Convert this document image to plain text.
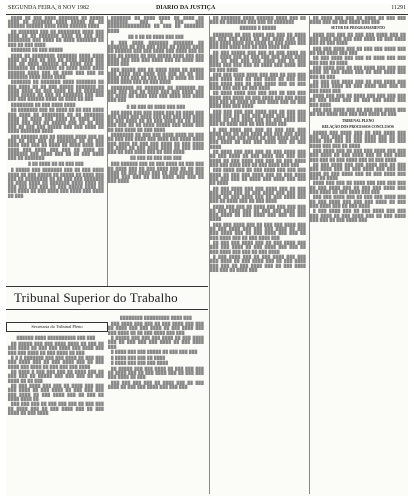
SEGUNDA FEIRA, 8 NOV 1982	DIARIO DA JUSTIÇA	11291

████ ██ ███ ████ ███████ ██ █████ ████ ██ ███████ ████ █████ ██ ██ ██████ ██████ ████ ████ ██████ ████.

██ ███████ ███ ██ ████████ ████ ███ ████ ██ ██ ███████ ████ ██ ███ ███ ████████ ███ ████ ██ ████ ███████ ██ ███ ██ ███ ████.

███████ ██ ███ █████

████ ██ ████████ ███████ ████ ████ ████ ██ ███ ██ ███ ██ ████ █████ ███ ███ ██ ████ ██████ ██ ████ ███ ███ ███████ ██ ███████ ██ ████ ████ ████ ██████ ████ ███ ██ ████ ███ ███ ██ ███████ ████ ████ ████.

███████ ██ ███████ ████ ███████ ██ ███ ████ ██ ██ ███ █████ ███████ ██ ████ ████ ██ ███ ████ ██ ██ ███████ ████ █████ ██ ███ ██ ███████ ███ ███ ███ ███ ██████ ████ ██ ████ ██ ███.

████████ ██ ███ ████ ████

██ ███████ ███ ██ ████ ██ ██ ███ ████ ███ ████ ██ ████████ ██ ██ ███████ ████ ██ ████ ███ ████ ██ ████ ████ ████ ███ ███ ██ █████ ███ ██ ██ ███ ███ ██ ███ ███ █████ ███ ███ ████ ██ ████ ███████ ████.

███ ██████ ███ ██ ██████ ████ ███ ██ ███ ██ ███ ███ ██ ███████ ██ ██ ███ ████ ███ ███ ██ ████ ██ ████ ████ ███ ████ ███ ████ ███ ███ ██ ████ ██ ███████ ███ ████ ███ ██ ██ ███ ████ ███ ██ ███████.

█ ██ ████ ██ ██ ███ ███

█ █████ ███ ███████ ███ ██ ███ ████ ████ ██ ███ █████ ██ █████ ██ ████ ███ ███ ██ ████████ ██ ██ ███ ███ ███████ ██ ████ ████ ██ ███████ ████ ████ ██ ███ ███ ███ ███ ██ ███ █████ ████ ██ ███ ████ ██ ███ ████ ███ ████ ███ ████ ██ ███.

███████ ██ ████ ████ ██ ████ ██ ███████ ███ █ ███ ███ ███████████████ ██ ███ ██ ███████ ████.

██ █ ██ ██ ████ ███ ███

█ ███ ████ ███████ ███████ ██ ███████ ██ ███ ███ ████ ██ █████ ████ ██ ██████ ███ ███ ████ ███ ████ ███ ██ ███ ██ █████ ██ ███ █████ ████ ███ ███ ████ ███ ███ ███ ████ ███ ██ ████ ███ ████ ███.

███ █████ ███ ██ ████ ████ ██ █████ ███ ████ ███ ████ ███ ███ ██ ██ ███ ████ ███ ███ ██ ███ ███ ██ ████ ██ ███ ████ ████ ███ ██ ███ ████.

████████ ██ ███████ ██ ███████ ██ ███ ███ ███ ██ ████ ███ ███ ████ ███ ██ ████ ██ ████ ███ ███ ████ ███ ████ ███ ███.

█ ██ ███ ██ ████ ███ ███

███ ████ ███ ███ ████ ███ ██ ████ ███ ███ ████ ███ ████ ███ ███ ███ ███ ████ ██ ███ ████ ██ ██ ███ ████ ██ ██ ████ ███ ███ ██ ██ ████ █████ ███ ████ ███ ██ ███ ████ ██ ███ ████.

████████ ██ ███ ███ ████ ████ ██ ███ ██ ███ ███ ████ ███ ████ ███ ████ ████ ███ ████ ██ ███ ███ ████ ██ ███ ████ ██ ████ ██ ███ ████ ████ ██ ███ ████ ███ ██ ███ ████ ███ ██ ███ ████.

██ ███ ██ ███ ███ ███

███ ██████ ███ ██ ███ ████ ██ ███ ███ ██ ████ ███ ██ ███ ████ ███ ██ ██ ███ ████ ██ ███ ████ ███ ██ ███ █████ ███ ████ ███ ███ ██ ███ ████ ███ ███ ██ ███ ████.

Tribunal Superior do Trabalho
Secretaria do Tribunal Pleno

██████ ████ ██████████ ███ ███

██ █████ ███ ███ ████ ████ ██ ███ ██ ███ ████ ██ ███ ███ ████ ███ ████ ███ ███ ███ ████ ██ ███ ████ ██ ███.

█ █ █ ███████ ███ ███ ████ ██ ███ ███ ███ ████ ███ ██ ███ ████ ███ ██ ███ ████ ███ ████ ██ ███ ███ ███ ████.

██ ████ █ ███ ███ ███ ██ ████ ███ ██ ███ ███ ██ █████ ███ ███ ███ ██ ███ ████ ██ ██ ███.

██ ███ ████ ███ ███ ██ ████ ███ ███ ███ ████ ██ ███ ████ ██ ███ ███ ███ ███ ████ ██ ███ ████ ███ ██ ███ ██ ████ ████ ██.

███ ███ ███ ██ ███ ███ ███ ██ ███ ███ ██ ████ ███ ██ ███ ████ ███ ██ ███ ████ ██ ███ ████.

████████ █████████ ████ ███

███ ████ ███ ███ ██ ███ ████ ███ ███ ██ ████ ███ ███ ████ ██ ███ ████ ███ ███ ████ ██ ██ ███ ████ ███ ███.

█ █████ ███ ███ ███ ████ ██ ███ ████ ███ ██ ███ ███ ███ ████ ██ ███ ████ ███.

█ ████ ███ ███ █████ ██ ███ ███ ███

█ ████ ███ ███ ██ ████

█ ████ ███ ███ ███ ████

██ █████ ███ ███ ████ ██ ███ ███ ███ ██ ████ ███ ██ ███ ████ ███ ██ ███ ███ ███ ████ ██ ███.

███ ███ ███ ███ ██ ████ ███ ██ ███ ████ ██ ███ ███ ████ ███ ███ ███.

██ ███████ ████ ██████ ████ ███ ██ ███ ██ ███████ ███ ███ ██ ███████.

██████ █ █████

███████ ██ ███ ████ ███ ███ ██ ████ ██ ███ ███ ████ ██ ███ ████ ███ ███ ███ ████ ████ ███ ████ ██ ███ ████ ███ ███ ███ ████ ███ ██ ███ ████ ███.

██ ███ █████ ███ ███ ██ ███ ████ ██ ███ ████ ███ ██ ███ ███ ███ ████ ████ ███ ██ ███ ███ ███ ████ ███ ██ ███ ████ ███ ███ ███ ██ ████ ███ ████ ███ ██ ███ ████.

███ ███ ████ ████ ███ ███ ██ ███ ███ ███ ████ ███ ██ ███ ████ ██ ███ ███ ███ ████ ███ ██ ███ ████ ███ ██ ███ ████ ███ ███ ██ ███ ████.

██ ████ ████ ███ ███ ███ ██ ███ ███ ████ ███ ████ ██ ███ ████ ███ ███ ████ ███ ███ ██ ████ ██ ███ ████ ███ ██ ███ ████ ███ ███ ████.

███ ███ ███ ███ ████ ███ ██ ███ ███ ████ ███ ██ ███ ███ ████ ███ ███ ███ ████ ██ ███ ████ ███ ██ ███ ████ ███ ███ ██ ████ ███ ██ ███ ████ ███.

█ ███ ████ ███ ███ ██ ███ ███ ███ ████ ███ ██ ███ ████ ███ ███ ███ ████ ██ ███ ███ ███ ████ ██ ███ ████ ███ ██ ███ ████ ██ ███ ███ ████ ███ ██ ███ ████.

██ ████ ███ ███ ███ ██ ███ ████ ███ ██ ███ ████ ██ ███ ████ ███ ███ ███ ████ ██ ███ ████ ███ ███ ██ ███ ████ ███ ███ ████ ███ ██ ███ ████ ███ ███.

███ ████ ███ ██ ███ ████ ███ ███ ███ ████ ██ ███ ███ ████ ███ ██ ███ ████ ███ ███ ███ ██ ████ ███ ████ ███ ███ ██ ████.

██ ███ ████ ███ ███ ████ ███ ██ ███ ███ ████ ███ ██ ███ ████ ███ ███ ███ ████ ██ ███ ████ ███ ██ ███ ████ ███ ███ ██ ████ ███ ██ ███ ████.

████ ███ ███ ██ ████ ███ ███ ███ ███ ██ ███ ████ ███ ██ ███ ███ ████ ███ ███ ████ ██ ███ ████ ███ ███ ██ ███ ████.

███ ███ ████ ███ ██ ███ ███ ████ ███ ██ ███ ████ ███ ███ ███ ████ ██ ███ ███ ████ ███ ██ ███ ████ ███ ███ ██ ███ ████ ███ ██ ███ ████ ███.

██ ███ ███ ████ ███ ██ ███ ████ ███ ███ ███ ████ ██ ███ ████ ███ ███ ██ ███ ████ ███ ███ ██ ███ ████.

█ ███ ████ ███ ██ ███ ████ ███ ███ ███ ████ ██ ███ ████ ███ ██ ███ ████ ███ ███ ██ ███ ████ ███ ██ ███ ████ ███ ███ ██ ████ ███.

██ ████ ███ ███ ██ ████ ██ ███ ███ ████ ███ ██ ███ ████ ███ ███.

SETOR DE PROGRAMAMENTO

████ ███ ███ ██ ███ ███ ████ ███ ██ ███ ████ ███ ███ ███ ████ ██ ███ ████ ███ ██ ███ ████.

███ ███ ████ ███ ██ ███ ███ ████ ███ ██ ███ ████ ███ ███.

██ ███ ████ ███ ███ ██ ████ ███ ███ ███ ███ ██ ████.

███ ████ ███ ██ ███ ████ ███ ███ ███ ████ ██ ███ ████ ███ ██ ███ ████ ███ ███ ██ ███.

██ ███ ███ ████ ███ ██ ███ ████ ███ ███ ███ ████ ██ ███ ████ ███ ███ ██ ███ ████ ███.

████ ███ ███ ██ ████ ███ ███ ███ ███ ██ ███ ████ ███ ██ ███ ███ ████ ███ ███ ████.

███ ███ ████ ███ ██ ███ ███ ████ ███ ██ ███ ████ ███ ███ ███ ████ ██ ███.

TRIBUNAL PLENO

RELAÇÃO DOS PROCESSOS CONCLUSOS

█████ ███ ████ ███ ██ ███ ████ ███ ███ ███ ████ ██ ███ ████ ███ ██ ███ ████ ███ ███ ██ ███ ████ ███ ██ ███ ████ ███ ███ ██ ████.

███ ████ ███ ██ ███ ███ ████ ███ ███ ███ ████ ██ ███ ████ ███ ██ ███ ████ ███ ███ ██ ███ ████ ███ ██ ███ ████.

██ ███ ████ ███ ███ ████ ███ ██ ███ ███ ████ ███ ██ ███ ████ ███ ███ ███ ████ ██ ███ ████ ███ ██ ███ ████ ███ ███ ██ ████.

████ ███ ███ ██ ████ ███ ███ ███ ███ ██ ███ ████ ███ ██ ███ ███ ████ ███ ███ ████ ██ ███ ████ ███ ███.

███ ███ ████ ███ ██ ███ ███ ████ ███ ██ ███ ████ ███ ███ ███ ████ ██ ███ ███ ████ ███ ██ ███ ████.

█ ███ ████ ███ ██ ███ ████ ███ ███ ███ ████ ██ ███ ████ ███ ██ ███ ████ ███ ███ ██ ███ ████ ███.
